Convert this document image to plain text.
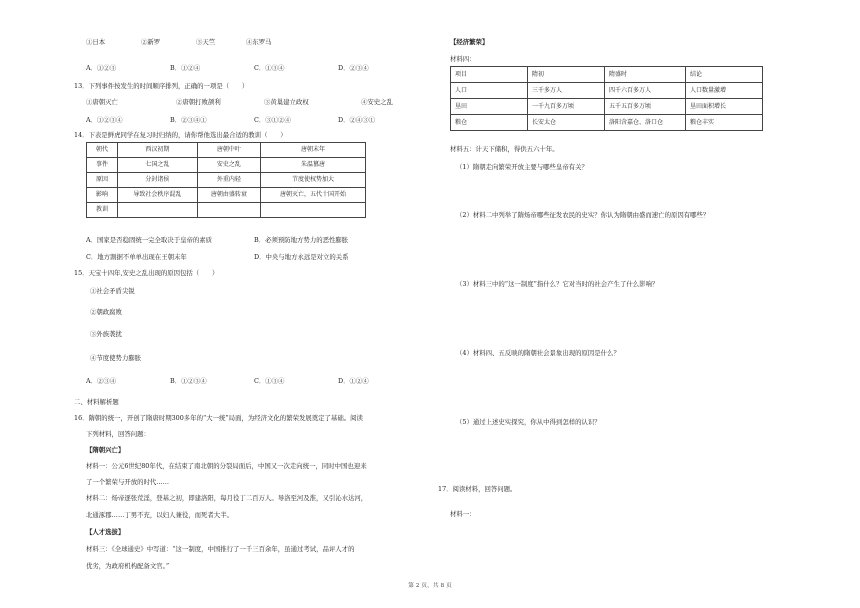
①日本	②新罗	③天竺	④东罗马
A．①②③	B．①②④	C．①③④	D．②③④
13．下列事件按发生的时间顺序排列，正确的一项是（　　）
①唐朝灭亡	②唐朝打败颉利	③黄巢建立政权	④安史之乱
A．①②③④	B．②③④①	C．③①②④	D．②④③①
14．下表是鲜虎同学在复习时归纳的，请你帮他选出最合适的教训（　　）
朝代	西汉初期	唐朝中叶	唐朝末年
事件	七国之乱	安史之乱	朱温篡唐
原因	分封诸侯	外重内轻	节度使权势加大
影响	导致社会秩序混乱	唐朝由盛转衰	唐朝灭亡，五代十国开始
教训			
A．国家是否稳固统一完全取决于皇帝的素质	B．必须预防地方势力的恶性膨胀
C．地方割据不单单出现在王朝末年	D．中央与地方永远是对立的关系
15．天宝十四年,安史之乱出现的原因包括（　　）
①社会矛盾尖锐
②朝政腐败
③外族袭扰
④节度使势力膨胀
A．②③④	B．①②③④	C．①③④	D．①②④
二、材料解析题
16．隋朝的统一，开创了隋唐时期300多年的“大一统”局面，为经济文化的繁荣发展奠定了基础。阅读
下列材料，回答问题：
【隋朝兴亡】
材料一：公元6世纪80年代，在结束了南北朝的分裂局面后，中国又一次走向统一，同时中国也迎来
了一个繁荣与开放的时代……
材料二：炀帝逐张荒淫，登基之初，即建洛阳，每月役丁二百万人。导洛至河及淮，又引沁水达河，
北通涿郡……丁男不充，以妇人兼役，而死者大半。
【人才选拔】
材料三：《全球通史》中写道：“这一制度，中国推行了一千三百余年，虽通过考试，品评人才的
优劣，为政府机构配备文官。”
【经济繁荣】
材料四：
项目	隋初	隋盛时	结论
人口	三千多万人	四千六百多万人	人口数量激增
垦田	一千九百多万顷	五千五百多万顷	垦田面积增长
粮仓	长安太仓	洛阳含嘉仓、洛口仓	粮仓丰实
材料五：计天下储积，得供五六十年。
（1）隋朝走向繁荣开放主要与哪些皇帝有关？
（2）材料二中列举了隋炀帝哪些征发农民的史实？你认为隋朝由盛而速亡的原因有哪些？
（3）材料三中的“这一制度”指什么？它对当时的社会产生了什么影响？
（4）材料四、五反映的隋朝社会景象出现的原因是什么？
（5）通过上述史实探究，你从中得到怎样的认识？
17．阅读材料，回答问题。
材料一：
第 2 页，共 8 页
